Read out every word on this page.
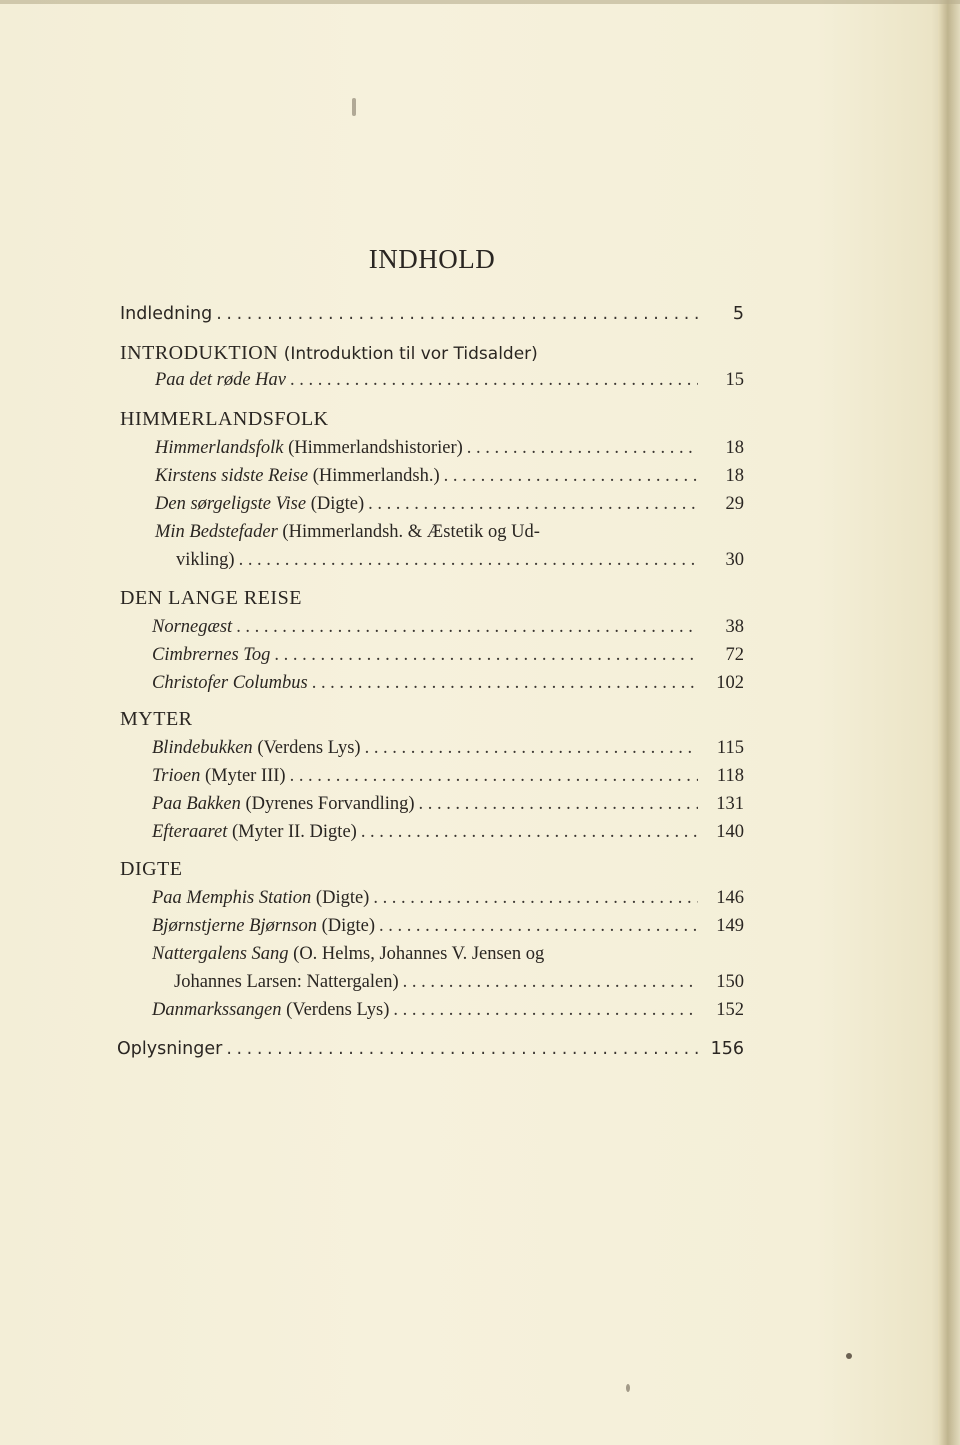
INDHOLD
Indledning .....	5
INTRODUKTION (Introduktion til vor Tidsalder)
Paa det røde Hav .....	15
HIMMERLANDSFOLK
Himmerlandsfolk (Himmerlandshistorier) .....	18
Kirstens sidste Reise (Himmerlandsh.) .....	18
Den sørgeligste Vise (Digte) .....	29
Min Bedstefader (Himmerlandsh. & Æstetik og Ud-
vikling) .....	30
DEN LANGE REISE
Nornegæst .....	38
Cimbrernes Tog .....	72
Christofer Columbus .....	102
MYTER
Blindebukken (Verdens Lys) .....	115
Trioen (Myter III) .....	118
Paa Bakken (Dyrenes Forvandling) .....	131
Efteraaret (Myter II. Digte) .....	140
DIGTE
Paa Memphis Station (Digte) .....	146
Bjørnstjerne Bjørnson (Digte) .....	149
Nattergalens Sang (O. Helms, Johannes V. Jensen og
Johannes Larsen: Nattergalen) .....	150
Danmarkssangen (Verdens Lys) .....	152
Oplysninger .....	156
